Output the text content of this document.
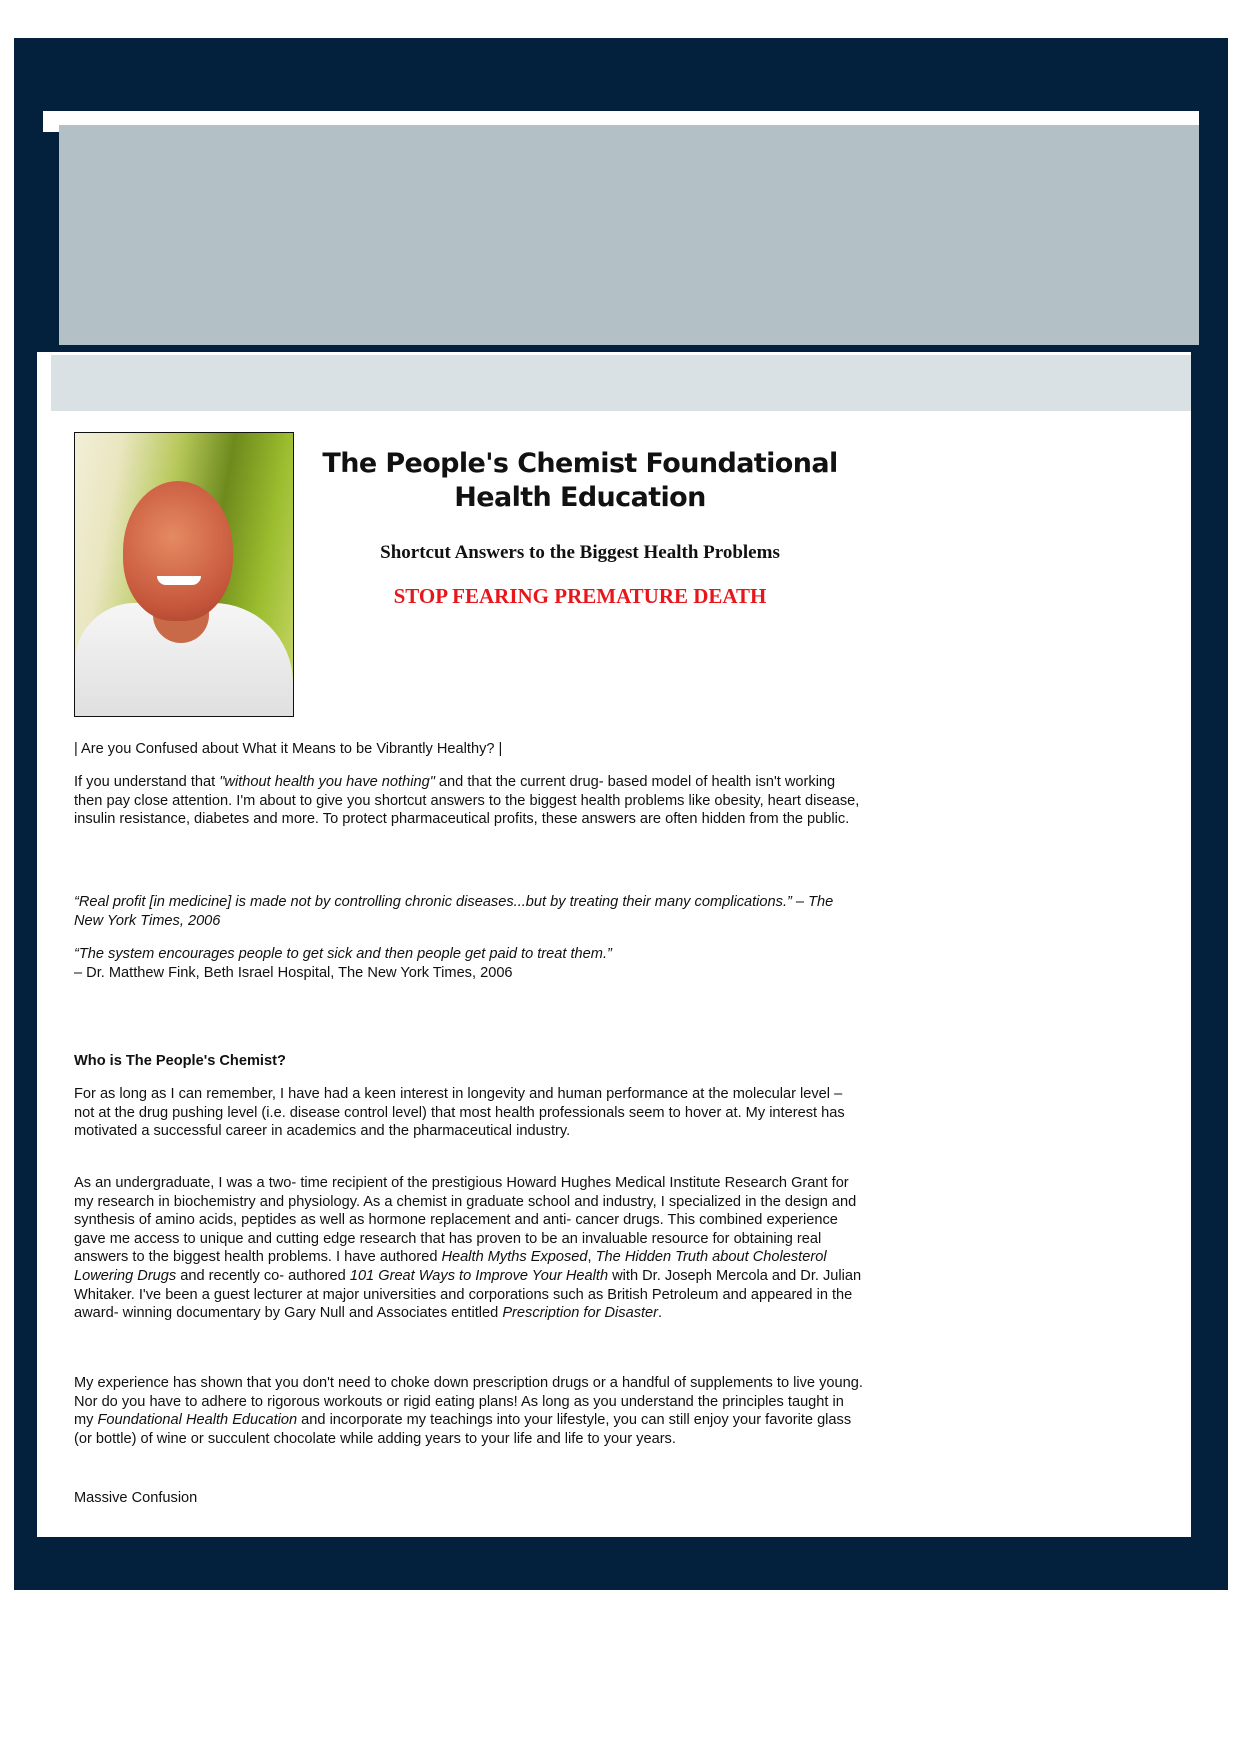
The People's Chemist Foundational Health Education
Shortcut Answers to the Biggest Health Problems
STOP FEARING PREMATURE DEATH
| Are you Confused about What it Means to be Vibrantly Healthy? |
If you understand that "without health you have nothing" and that the current drug- based model of health isn't working then pay close attention. I'm about to give you shortcut answers to the biggest health problems like obesity, heart disease, insulin resistance, diabetes and more. To protect pharmaceutical profits, these answers are often hidden from the public.
“Real profit [in medicine] is made not by controlling chronic diseases...but by treating their many complications.” – The New York Times, 2006
“The system encourages people to get sick and then people get paid to treat them.”
– Dr. Matthew Fink, Beth Israel Hospital, The New York Times, 2006
Who is The People's Chemist?
For as long as I can remember, I have had a keen interest in longevity and human performance at the molecular level – not at the drug pushing level (i.e. disease control level) that most health professionals seem to hover at. My interest has motivated a successful career in academics and the pharmaceutical industry.
As an undergraduate, I was a two- time recipient of the prestigious Howard Hughes Medical Institute Research Grant for my research in biochemistry and physiology. As a chemist in graduate school and industry, I specialized in the design and synthesis of amino acids, peptides as well as hormone replacement and anti- cancer drugs. This combined experience gave me access to unique and cutting edge research that has proven to be an invaluable resource for obtaining real answers to the biggest health problems. I have authored Health Myths Exposed, The Hidden Truth about Cholesterol Lowering Drugs and recently co- authored 101 Great Ways to Improve Your Health with Dr. Joseph Mercola and Dr. Julian Whitaker. I've been a guest lecturer at major universities and corporations such as British Petroleum and appeared in the award- winning documentary by Gary Null and Associates entitled Prescription for Disaster.
My experience has shown that you don't need to choke down prescription drugs or a handful of supplements to live young. Nor do you have to adhere to rigorous workouts or rigid eating plans! As long as you understand the principles taught in my Foundational Health Education and incorporate my teachings into your lifestyle, you can still enjoy your favorite glass (or bottle) of wine or succulent chocolate while adding years to your life and life to your years.
Massive Confusion
